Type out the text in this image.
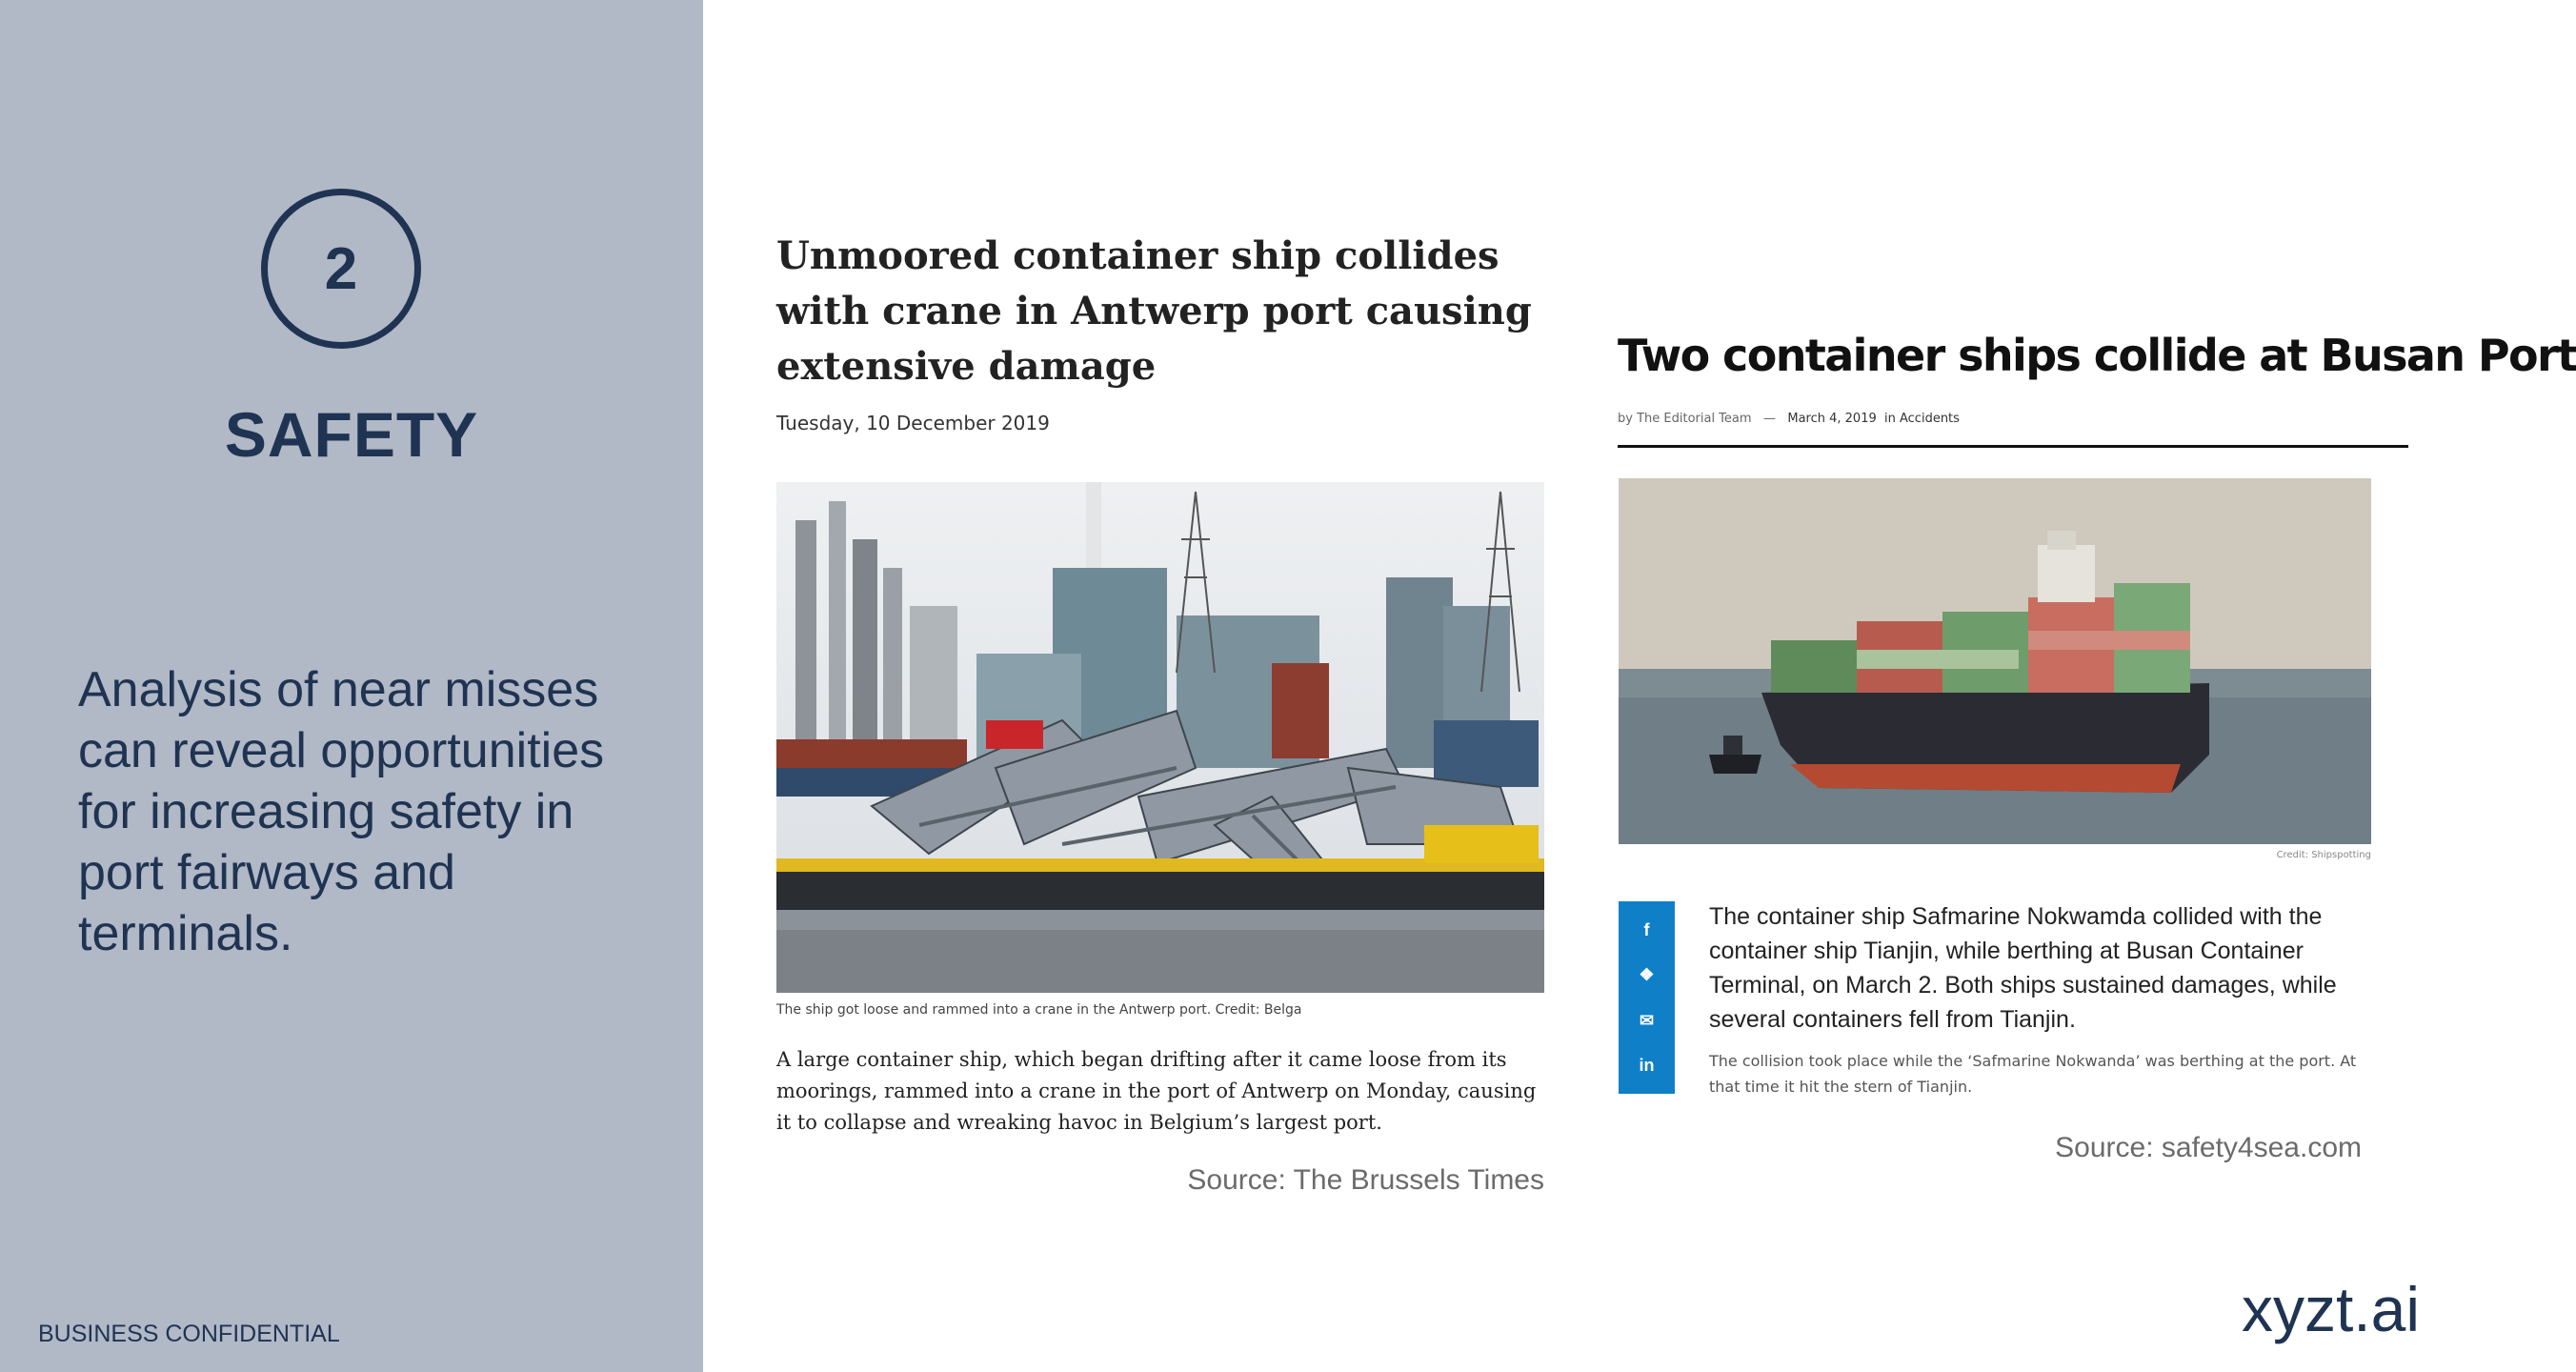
2
SAFETY

Analysis of near misses can reveal opportunities for increasing safety in port fairways and terminals.

BUSINESS CONFIDENTIAL	xyzt.ai
Unmoored container ship collides with crane in Antwerp port causing extensive damage
Tuesday, 10 December 2019
The ship got loose and rammed into a crane in the Antwerp port. Credit: Belga

A large container ship, which began drifting after it came loose from its moorings, rammed into a crane in the port of Antwerp on Monday, causing it to collapse and wreaking havoc in Belgium’s largest port.

Source: The Brussels Times
Two container ships collide at Busan Port
by The Editorial Team — March 4, 2019 in Accidents
Credit: Shipspotting
f
❖
✉
in

The container ship Safmarine Nokwamda collided with the container ship Tianjin, while berthing at Busan Container Terminal, on March 2. Both ships sustained damages, while several containers fell from Tianjin.

The collision took place while the ‘Safmarine Nokwanda’ was berthing at the port. At that time it hit the stern of Tianjin.

Source: safety4sea.com
